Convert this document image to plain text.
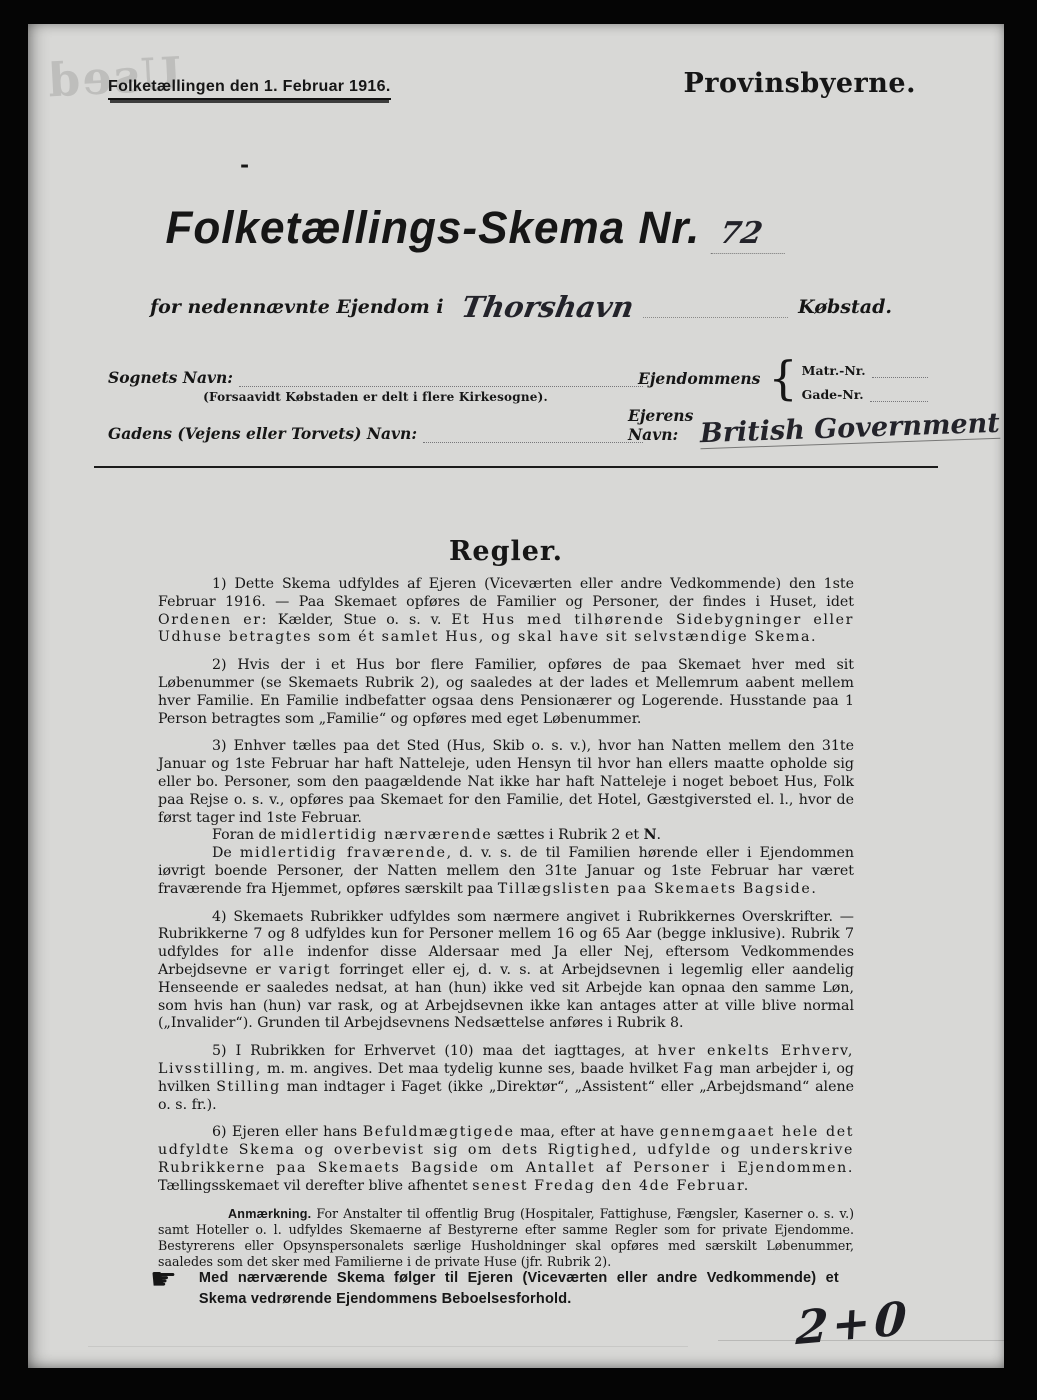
Used
Folketællingen den 1. Februar 1916.	Provinsbyerne.
-
Folketællings-Skema Nr. 72
for nedennævnte Ejendom i Thorshavn	Købstad.
Sognets Navn:
(Forsaavidt Købstaden er delt i flere Kirkesogne).
Ejendommens { Matr.-Nr.
Gade-Nr.
Gadens (Vejens eller Torvets) Navn:
Ejerens Navn: British Government
Regler.
1) Dette Skema udfyldes af Ejeren (Viceværten eller andre Vedkommende) den 1ste Februar 1916. — Paa Skemaet opføres de Familier og Personer, der findes i Huset, idet Ordenen er: Kælder, Stue o. s. v. Et Hus med tilhørende Sidebygninger eller Udhuse betragtes som ét samlet Hus, og skal have sit selvstændige Skema.
2) Hvis der i et Hus bor flere Familier, opføres de paa Skemaet hver med sit Løbenummer (se Skemaets Rubrik 2), og saaledes at der lades et Mellemrum aabent mellem hver Familie. En Familie indbefatter ogsaa dens Pensionærer og Logerende. Husstande paa 1 Person betragtes som „Familie“ og opføres med eget Løbenummer.
3) Enhver tælles paa det Sted (Hus, Skib o. s. v.), hvor han Natten mellem den 31te Januar og 1ste Februar har haft Natteleje, uden Hensyn til hvor han ellers maatte opholde sig eller bo. Personer, som den paagældende Nat ikke har haft Natteleje i noget beboet Hus, Folk paa Rejse o. s. v., opføres paa Skemaet for den Familie, det Hotel, Gæstgiversted el. l., hvor de først tager ind 1ste Februar.
Foran de midlertidig nærværende sættes i Rubrik 2 et N.
De midlertidig fraværende, d. v. s. de til Familien hørende eller i Ejendommen iøvrigt boende Personer, der Natten mellem den 31te Januar og 1ste Februar har været fraværende fra Hjemmet, opføres særskilt paa Tillægslisten paa Skemaets Bagside.
4) Skemaets Rubrikker udfyldes som nærmere angivet i Rubrikkernes Overskrifter. — Rubrikkerne 7 og 8 udfyldes kun for Personer mellem 16 og 65 Aar (begge inklusive). Rubrik 7 udfyldes for alle indenfor disse Aldersaar med Ja eller Nej, eftersom Vedkommendes Arbejdsevne er varigt forringet eller ej, d. v. s. at Arbejdsevnen i legemlig eller aandelig Henseende er saaledes nedsat, at han (hun) ikke ved sit Arbejde kan opnaa den samme Løn, som hvis han (hun) var rask, og at Arbejdsevnen ikke kan antages atter at ville blive normal („Invalider“). Grunden til Arbejdsevnens Nedsættelse anføres i Rubrik 8.
5) I Rubrikken for Erhvervet (10) maa det iagttages, at hver enkelts Erhverv, Livsstilling, m. m. angives. Det maa tydelig kunne ses, baade hvilket Fag man arbejder i, og hvilken Stilling man indtager i Faget (ikke „Direktør“, „Assistent“ eller „Arbejdsmand“ alene o. s. fr.).
6) Ejeren eller hans Befuldmægtigede maa, efter at have gennemgaaet hele det udfyldte Skema og overbevist sig om dets Rigtighed, udfylde og underskrive Rubrikkerne paa Skemaets Bagside om Antallet af Personer i Ejendommen. Tællingsskemaet vil derefter blive afhentet senest Fredag den 4de Februar.
Anmærkning. For Anstalter til offentlig Brug (Hospitaler, Fattighuse, Fængsler, Kaserner o. s. v.) samt Hoteller o. l. udfyldes Skemaerne af Bestyrerne efter samme Regler som for private Ejendomme. Bestyrerens eller Opsynspersonalets særlige Husholdninger skal opføres med særskilt Løbenummer, saaledes som det sker med Familierne i de private Huse (jfr. Rubrik 2).
☛ Med nærværende Skema følger til Ejeren (Viceværten eller andre Vedkommende) et Skema vedrørende Ejendommens Beboelsesforhold.	2+0
